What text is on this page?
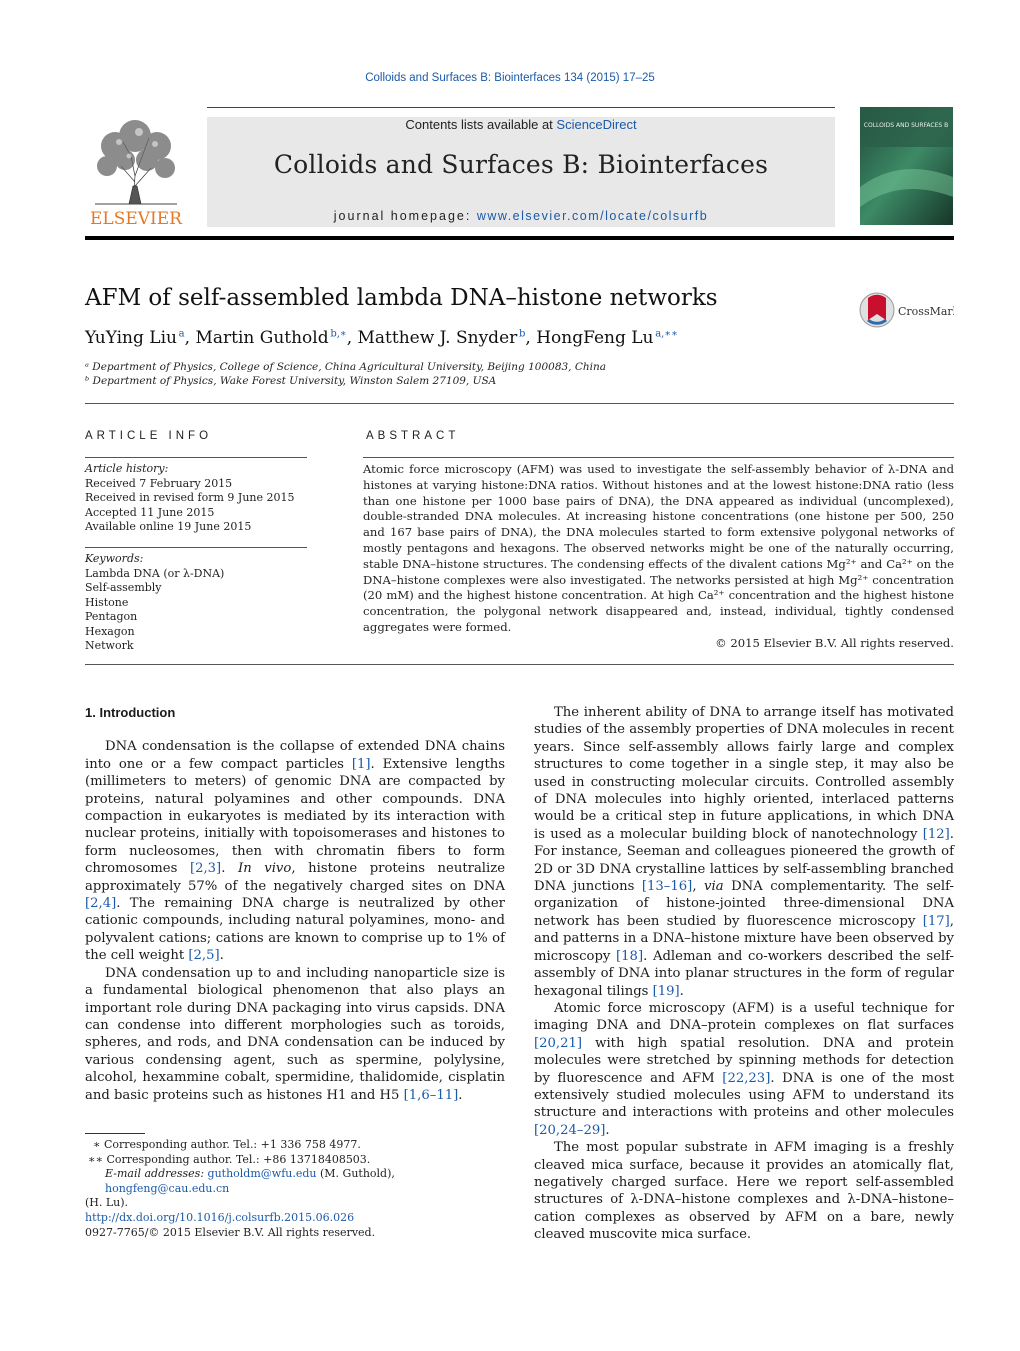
Colloids and Surfaces B: Biointerfaces 134 (2015) 17–25
ELSEVIER
Contents lists available at ScienceDirect
Colloids and Surfaces B: Biointerfaces
journal homepage: www.elsevier.com/locate/colsurfb
COLLOIDS AND SURFACES B
AFM of self-assembled lambda DNA–histone networks
CrossMark
YuYing Liu  $^a$, Martin Guthold  $^{b,∗}$, Matthew J. Snyder  $^b$, HongFeng Lu  $^{a,∗∗}$
ᵃ Department of Physics, College of Science, China Agricultural University, Beijing 100083, China
ᵇ Department of Physics, Wake Forest University, Winston Salem 27109, USA
ARTICLE INFO
Article history:
Received 7 February 2015
Received in revised form 9 June 2015
Accepted 11 June 2015
Available online 19 June 2015
Keywords:
Lambda DNA (or λ-DNA)
Self-assembly
Histone
Pentagon
Hexagon
Network
ABSTRACT
Atomic force microscopy (AFM) was used to investigate the self-assembly behavior of λ-DNA and histones at varying histone:DNA ratios. Without histones and at the lowest histone:DNA ratio (less than one histone per 1000 base pairs of DNA), the DNA appeared as individual (uncomplexed), double-stranded DNA molecules. At increasing histone concentrations (one histone per 500, 250 and 167 base pairs of DNA), the DNA molecules started to form extensive polygonal networks of mostly pentagons and hexagons. The observed networks might be one of the naturally occurring, stable DNA–histone structures. The condensing effects of the divalent cations Mg²⁺ and Ca²⁺ on the DNA–histone complexes were also investigated. The networks persisted at high Mg²⁺ concentration (20 mM) and the highest histone concentration. At high Ca²⁺ concentration and the highest histone concentration, the polygonal network disappeared and, instead, individual, tightly condensed aggregates were formed.
© 2015 Elsevier B.V. All rights reserved.
1. Introduction

DNA condensation is the collapse of extended DNA chains into one or a few compact particles [1]. Extensive lengths (millimeters to meters) of genomic DNA are compacted by proteins, natural polyamines and other compounds. DNA compaction in eukaryotes is mediated by its interaction with nuclear proteins, initially with topoisomerases and histones to form nucleosomes, then with chromatin fibers to form chromosomes [2,3]. In vivo, histone proteins neutralize approximately 57% of the negatively charged sites on DNA [2,4]. The remaining DNA charge is neutralized by other cationic compounds, including natural polyamines, mono- and polyvalent cations; cations are known to comprise up to 1% of the cell weight [2,5].

DNA condensation up to and including nanoparticle size is a fundamental biological phenomenon that also plays an important role during DNA packaging into virus capsids. DNA can condense into different morphologies such as toroids, spheres, and rods, and DNA condensation can be induced by various condensing agent, such as spermine, polylysine, alcohol, hexammine cobalt, spermidine, thalidomide, cisplatin and basic proteins such as histones H1 and H5 [1,6–11].

The inherent ability of DNA to arrange itself has motivated studies of the assembly properties of DNA molecules in recent years. Since self-assembly allows fairly large and complex structures to come together in a single step, it may also be used in constructing molecular circuits. Controlled assembly of DNA molecules into highly oriented, interlaced patterns would be a critical step in future applications, in which DNA is used as a molecular building block of nanotechnology [12]. For instance, Seeman and colleagues pioneered the growth of 2D or 3D DNA crystalline lattices by self-assembling branched DNA junctions [13–16], via DNA complementarity. The self-organization of histone-jointed three-dimensional DNA network has been studied by fluorescence microscopy [17], and patterns in a DNA–histone mixture have been observed by microscopy [18]. Adleman and co-workers described the self-assembly of DNA into planar structures in the form of regular hexagonal tilings [19].

Atomic force microscopy (AFM) is a useful technique for imaging DNA and DNA–protein complexes on flat surfaces [20,21] with high spatial resolution. DNA and protein molecules were stretched by spinning methods for detection by fluorescence and AFM [22,23]. DNA is one of the most extensively studied molecules using AFM to understand its structure and interactions with proteins and other molecules [20,24–29].

The most popular substrate in AFM imaging is a freshly cleaved mica surface, because it provides an atomically flat, negatively charged surface. Here we report self-assembled structures of λ-DNA–histone complexes and λ-DNA–histone–cation complexes as observed by AFM on a bare, newly cleaved muscovite mica surface.

∗ Corresponding author. Tel.: +1 336 758 4977.
∗∗ Corresponding author. Tel.: +86 13718408503.
E-mail addresses: gutholdm@wfu.edu (M. Guthold), hongfeng@cau.edu.cn
(H. Lu).
http://dx.doi.org/10.1016/j.colsurfb.2015.06.026
0927-7765/© 2015 Elsevier B.V. All rights reserved.
